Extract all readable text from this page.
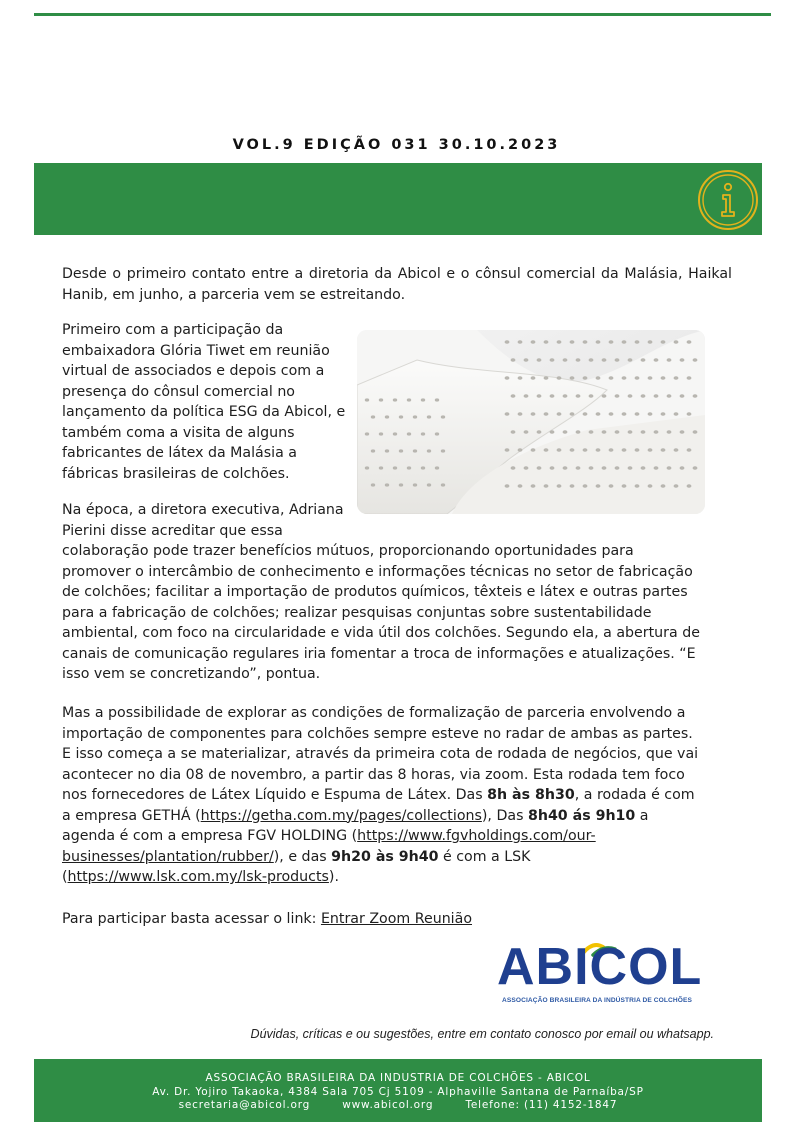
VOL.9 EDIÇÃO 031 30.10.2023

Desde o primeiro contato entre a diretoria da Abicol e o cônsul comercial da Malásia, Haikal Hanib, em junho, a parceria vem se estreitando.

Primeiro com a participação da embaixadora Glória Tiwet em reunião virtual de associados e depois com a presença do cônsul comercial no lançamento da política ESG da Abicol, e também coma a visita de alguns fabricantes de látex da Malásia a fábricas brasileiras de colchões.

Na época, a diretora executiva, Adriana Pierini disse acreditar que essa

colaboração pode trazer benefícios mútuos, proporcionando oportunidades para promover o intercâmbio de conhecimento e informações técnicas no setor de fabricação de colchões; facilitar a importação de produtos químicos, têxteis e látex e outras partes para a fabricação de colchões; realizar pesquisas conjuntas sobre sustentabilidade ambiental, com foco na circularidade e vida útil dos colchões. Segundo ela, a abertura de canais de comunicação regulares iria fomentar a troca de informações e atualizações. “E isso vem se concretizando”, pontua.

Mas a possibilidade de explorar as condições de formalização de parceria envolvendo a importação de componentes para colchões sempre esteve no radar de ambas as partes. E isso começa a se materializar, através da primeira cota de rodada de negócios, que vai acontecer no dia 08 de novembro, a partir das 8 horas, via zoom. Esta rodada tem foco nos fornecedores de Látex Líquido e Espuma de Látex. Das 8h às 8h30, a rodada é com a empresa GETHÁ (https://getha.com.my/pages/collections), Das 8h40 ás 9h10 a agenda é com a empresa FGV HOLDING (https://www.fgvholdings.com/our-businesses/plantation/rubber/), e das 9h20 às 9h40 é com a LSK (https://www.lsk.com.my/lsk-products).

Para participar basta acessar o link: Entrar Zoom Reunião

ABICOL
ASSOCIAÇÃO BRASILEIRA DA INDÚSTRIA DE COLCHÕES
Dúvidas, críticas e ou sugestões, entre em contato conosco por email ou whatsapp.
ASSOCIAÇÃO BRASILEIRA DA INDUSTRIA DE COLCHÕES - ABICOL
Av. Dr. Yojiro Takaoka, 4384 Sala 705 Cj 5109 - Alphaville Santana de Parnaíba/SP
secretaria@abicol.org	www.abicol.org	Telefone: (11) 4152-1847
